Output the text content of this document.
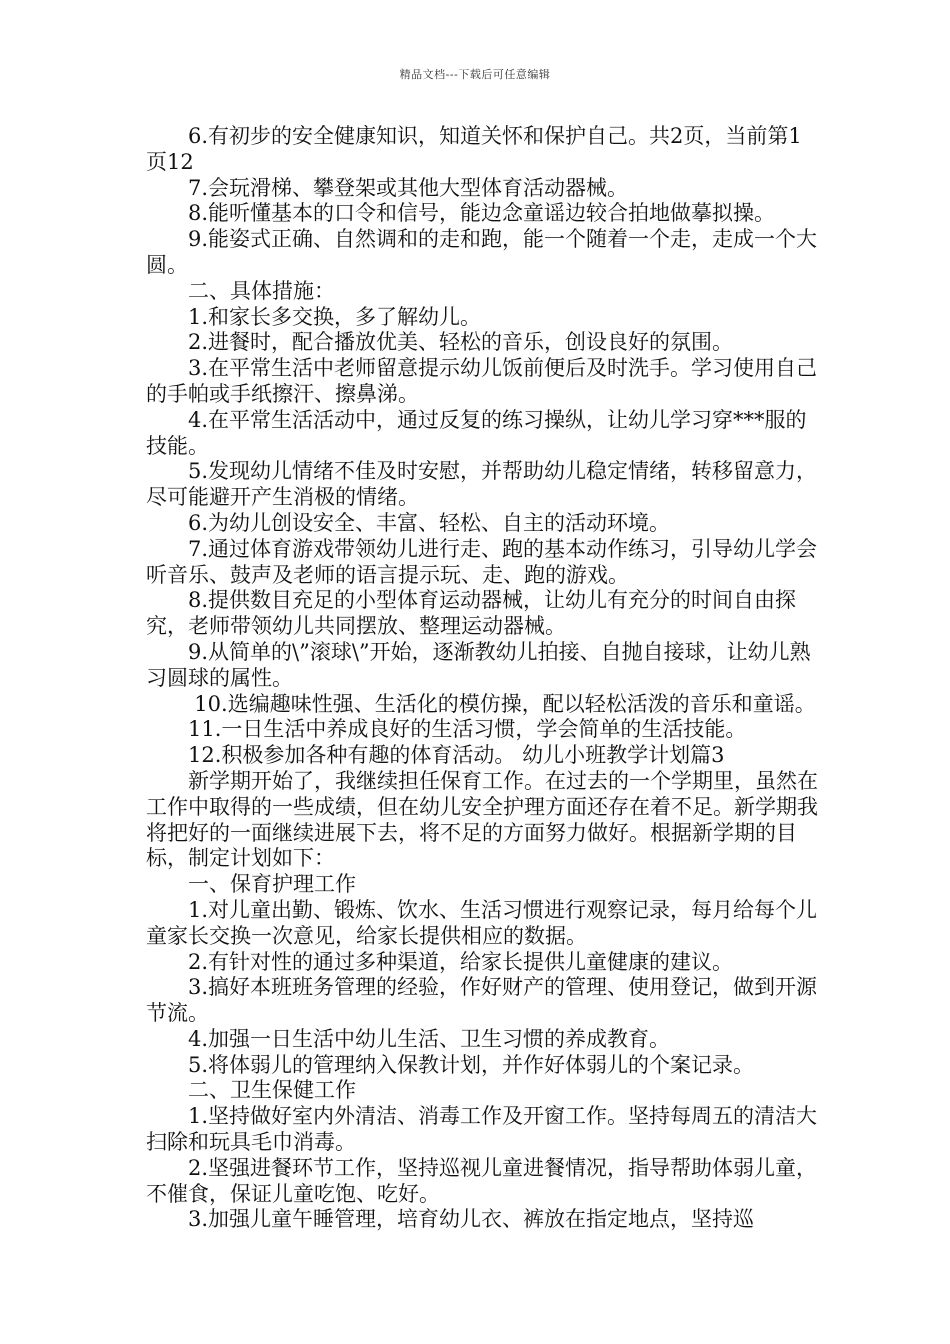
精品文档---下载后可任意编辑

6.有初步的安全健康知识，知道关怀和保护自己。共2页，当前第1页12

7.会玩滑梯、攀登架或其他大型体育活动器械。

8.能听懂基本的口令和信号，能边念童谣边较合拍地做摹拟操。

9.能姿式正确、自然调和的走和跑，能一个随着一个走，走成一个大圆。

二、具体措施：

1.和家长多交换，多了解幼儿。

2.进餐时，配合播放优美、轻松的音乐，创设良好的氛围。

3.在平常生活中老师留意提示幼儿饭前便后及时洗手。学习使用自己的手帕或手纸擦汗、擦鼻涕。

4.在平常生活活动中，通过反复的练习操纵，让幼儿学习穿***服的技能。

5.发现幼儿情绪不佳及时安慰，并帮助幼儿稳定情绪，转移留意力，尽可能避开产生消极的情绪。

6.为幼儿创设安全、丰富、轻松、自主的活动环境。

7.通过体育游戏带领幼儿进行走、跑的基本动作练习，引导幼儿学会听音乐、鼓声及老师的语言提示玩、走、跑的游戏。

8.提供数目充足的小型体育运动器械，让幼儿有充分的时间自由探究，老师带领幼儿共同摆放、整理运动器械。

9.从简单的\”滚球\”开始，逐渐教幼儿拍接、自抛自接球，让幼儿熟习圆球的属性。

10.选编趣味性强、生活化的模仿操，配以轻松活泼的音乐和童谣。

11.一日生活中养成良好的生活习惯，学会简单的生活技能。

12.积极参加各种有趣的体育活动。 幼儿小班教学计划篇3

新学期开始了，我继续担任保育工作。在过去的一个学期里，虽然在工作中取得的一些成绩，但在幼儿安全护理方面还存在着不足。新学期我将把好的一面继续进展下去，将不足的方面努力做好。根据新学期的目标，制定计划如下：

一、保育护理工作

1.对儿童出勤、锻炼、饮水、生活习惯进行观察记录，每月给每个儿童家长交换一次意见，给家长提供相应的数据。

2.有针对性的通过多种渠道，给家长提供儿童健康的建议。

3.搞好本班班务管理的经验，作好财产的管理、使用登记，做到开源节流。

4.加强一日生活中幼儿生活、卫生习惯的养成教育。

5.将体弱儿的管理纳入保教计划，并作好体弱儿的个案记录。

二、卫生保健工作

1.坚持做好室内外清洁、消毒工作及开窗工作。坚持每周五的清洁大扫除和玩具毛巾消毒。

2.坚强进餐环节工作，坚持巡视儿童进餐情况，指导帮助体弱儿童，不催食，保证儿童吃饱、吃好。

3.加强儿童午睡管理，培育幼儿衣、裤放在指定地点，坚持巡
